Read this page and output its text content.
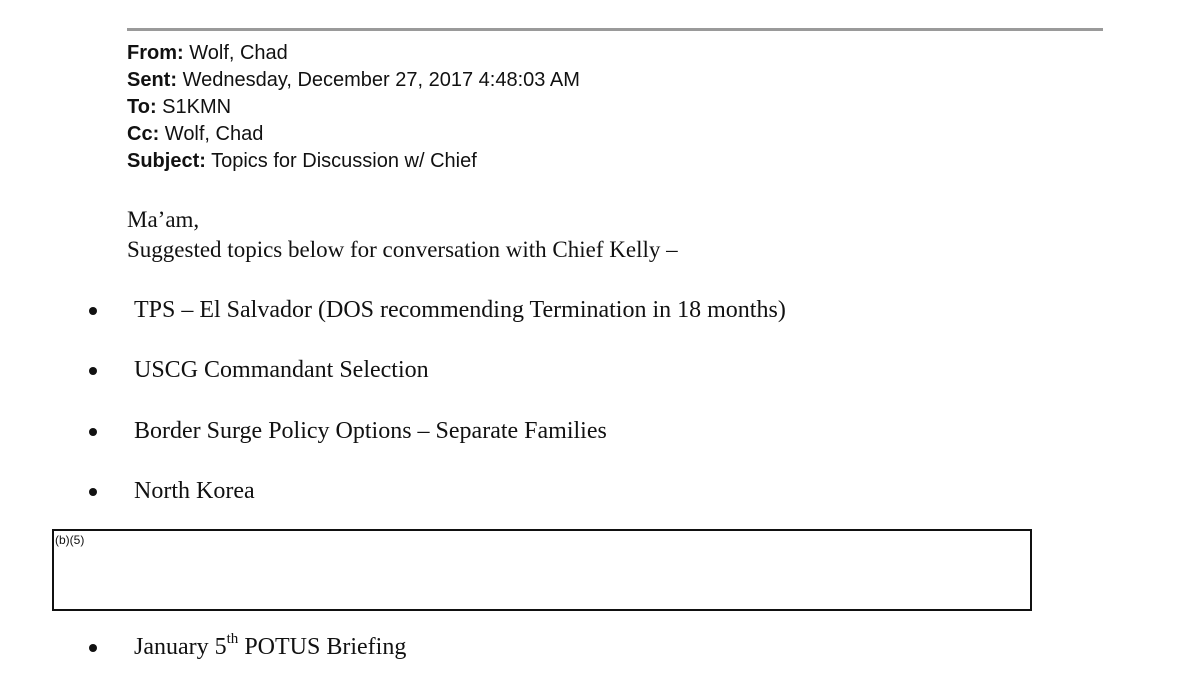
From: Wolf, Chad
Sent: Wednesday, December 27, 2017 4:48:03 AM
To: S1KMN
Cc: Wolf, Chad
Subject: Topics for Discussion w/ Chief
Ma’am,
Suggested topics below for conversation with Chief Kelly –
TPS – El Salvador (DOS recommending Termination in 18 months)
USCG Commandant Selection
Border Surge Policy Options – Separate Families
North Korea
January 5th POTUS Briefing
(b)(5)
